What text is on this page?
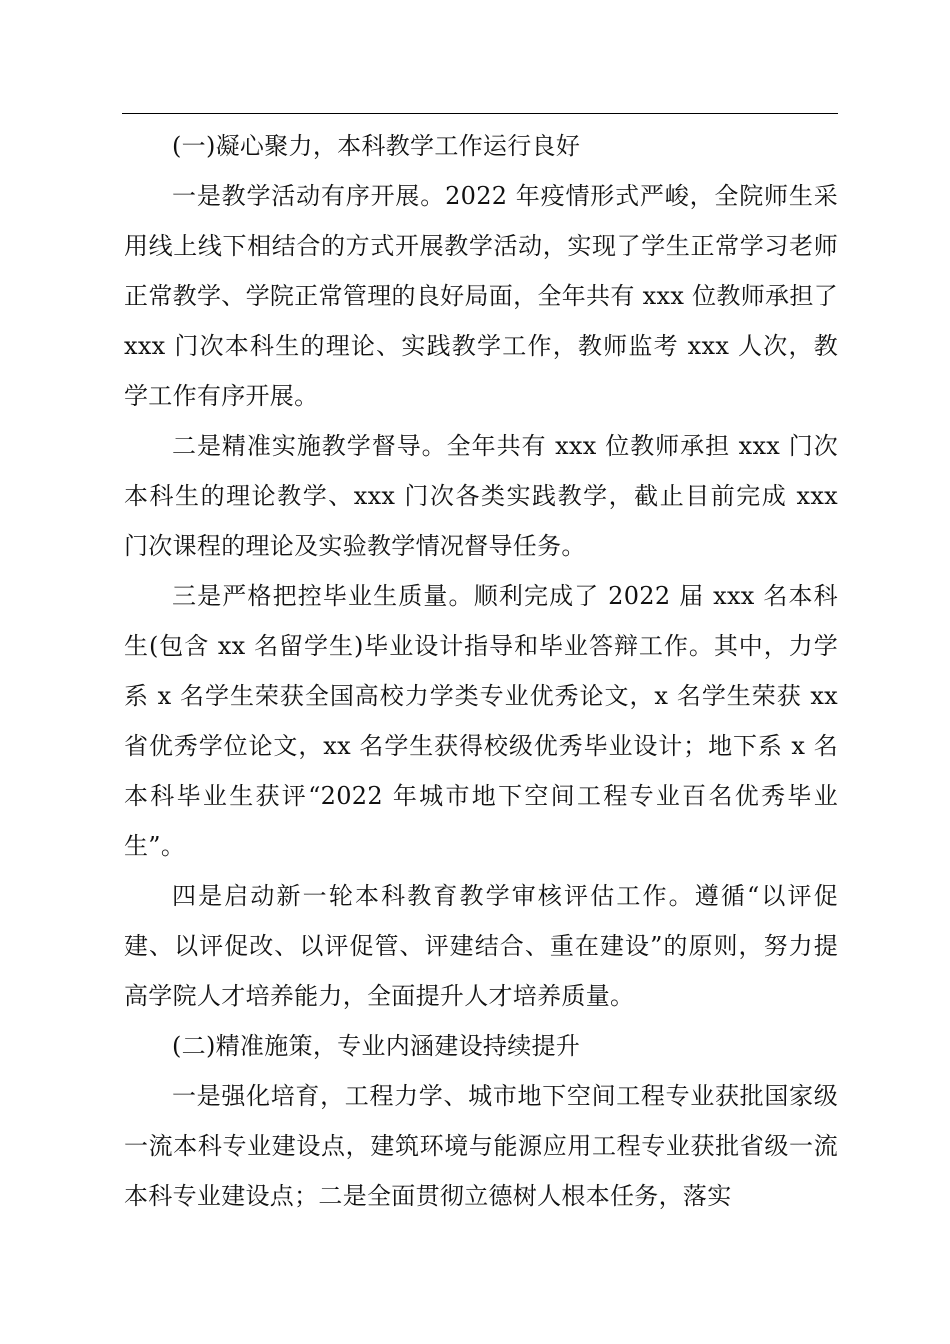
(一)凝心聚力，本科教学工作运行良好

一是教学活动有序开展。2022 年疫情形式严峻，全院师生采用线上线下相结合的方式开展教学活动，实现了学生正常学习老师正常教学、学院正常管理的良好局面，全年共有 xxx 位教师承担了 xxx 门次本科生的理论、实践教学工作，教师监考 xxx 人次，教学工作有序开展。

二是精准实施教学督导。全年共有 xxx 位教师承担 xxx 门次本科生的理论教学、xxx 门次各类实践教学，截止目前完成 xxx 门次课程的理论及实验教学情况督导任务。

三是严格把控毕业生质量。顺利完成了 2022 届 xxx 名本科生(包含 xx 名留学生)毕业设计指导和毕业答辩工作。其中，力学系 x 名学生荣获全国高校力学类专业优秀论文，x 名学生荣获 xx 省优秀学位论文，xx 名学生获得校级优秀毕业设计；地下系 x 名本科毕业生获评“2022 年城市地下空间工程专业百名优秀毕业生”。

四是启动新一轮本科教育教学审核评估工作。遵循“以评促建、以评促改、以评促管、评建结合、重在建设”的原则，努力提高学院人才培养能力，全面提升人才培养质量。

(二)精准施策，专业内涵建设持续提升

一是强化培育，工程力学、城市地下空间工程专业获批国家级一流本科专业建设点，建筑环境与能源应用工程专业获批省级一流本科专业建设点；二是全面贯彻立德树人根本任务，落实
